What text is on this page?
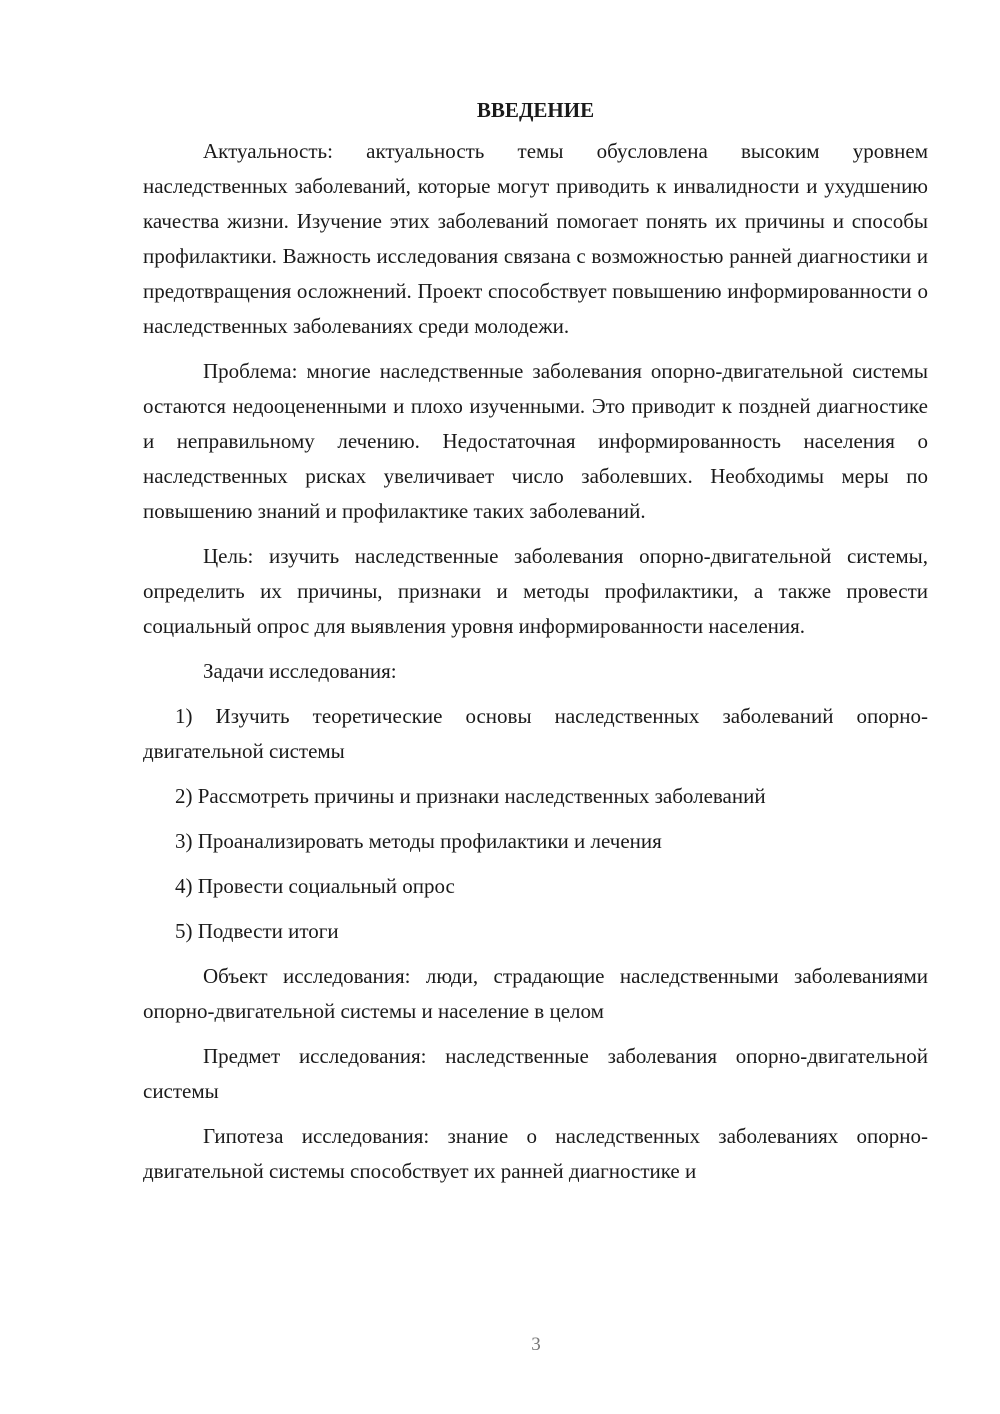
ВВЕДЕНИЕ

Актуальность: актуальность темы обусловлена высоким уровнем наследственных заболеваний, которые могут приводить к инвалидности и ухудшению качества жизни. Изучение этих заболеваний помогает понять их причины и способы профилактики. Важность исследования связана с возможностью ранней диагностики и предотвращения осложнений. Проект способствует повышению информированности о наследственных заболеваниях среди молодежи.

Проблема: многие наследственные заболевания опорно-двигательной системы остаются недооцененными и плохо изученными. Это приводит к поздней диагностике и неправильному лечению. Недостаточная информированность населения о наследственных рисках увеличивает число заболевших. Необходимы меры по повышению знаний и профилактике таких заболеваний.

Цель: изучить наследственные заболевания опорно-двигательной системы, определить их причины, признаки и методы профилактики, а также провести социальный опрос для выявления уровня информированности населения.

Задачи исследования:

1) Изучить теоретические основы наследственных заболеваний опорно-двигательной системы

2) Рассмотреть причины и признаки наследственных заболеваний

3) Проанализировать методы профилактики и лечения

4) Провести социальный опрос

5) Подвести итоги

Объект исследования: люди, страдающие наследственными заболеваниями опорно-двигательной системы и население в целом

Предмет исследования: наследственные заболевания опорно-двигательной системы

Гипотеза исследования: знание о наследственных заболеваниях опорно-двигательной системы способствует их ранней диагностике и

3
